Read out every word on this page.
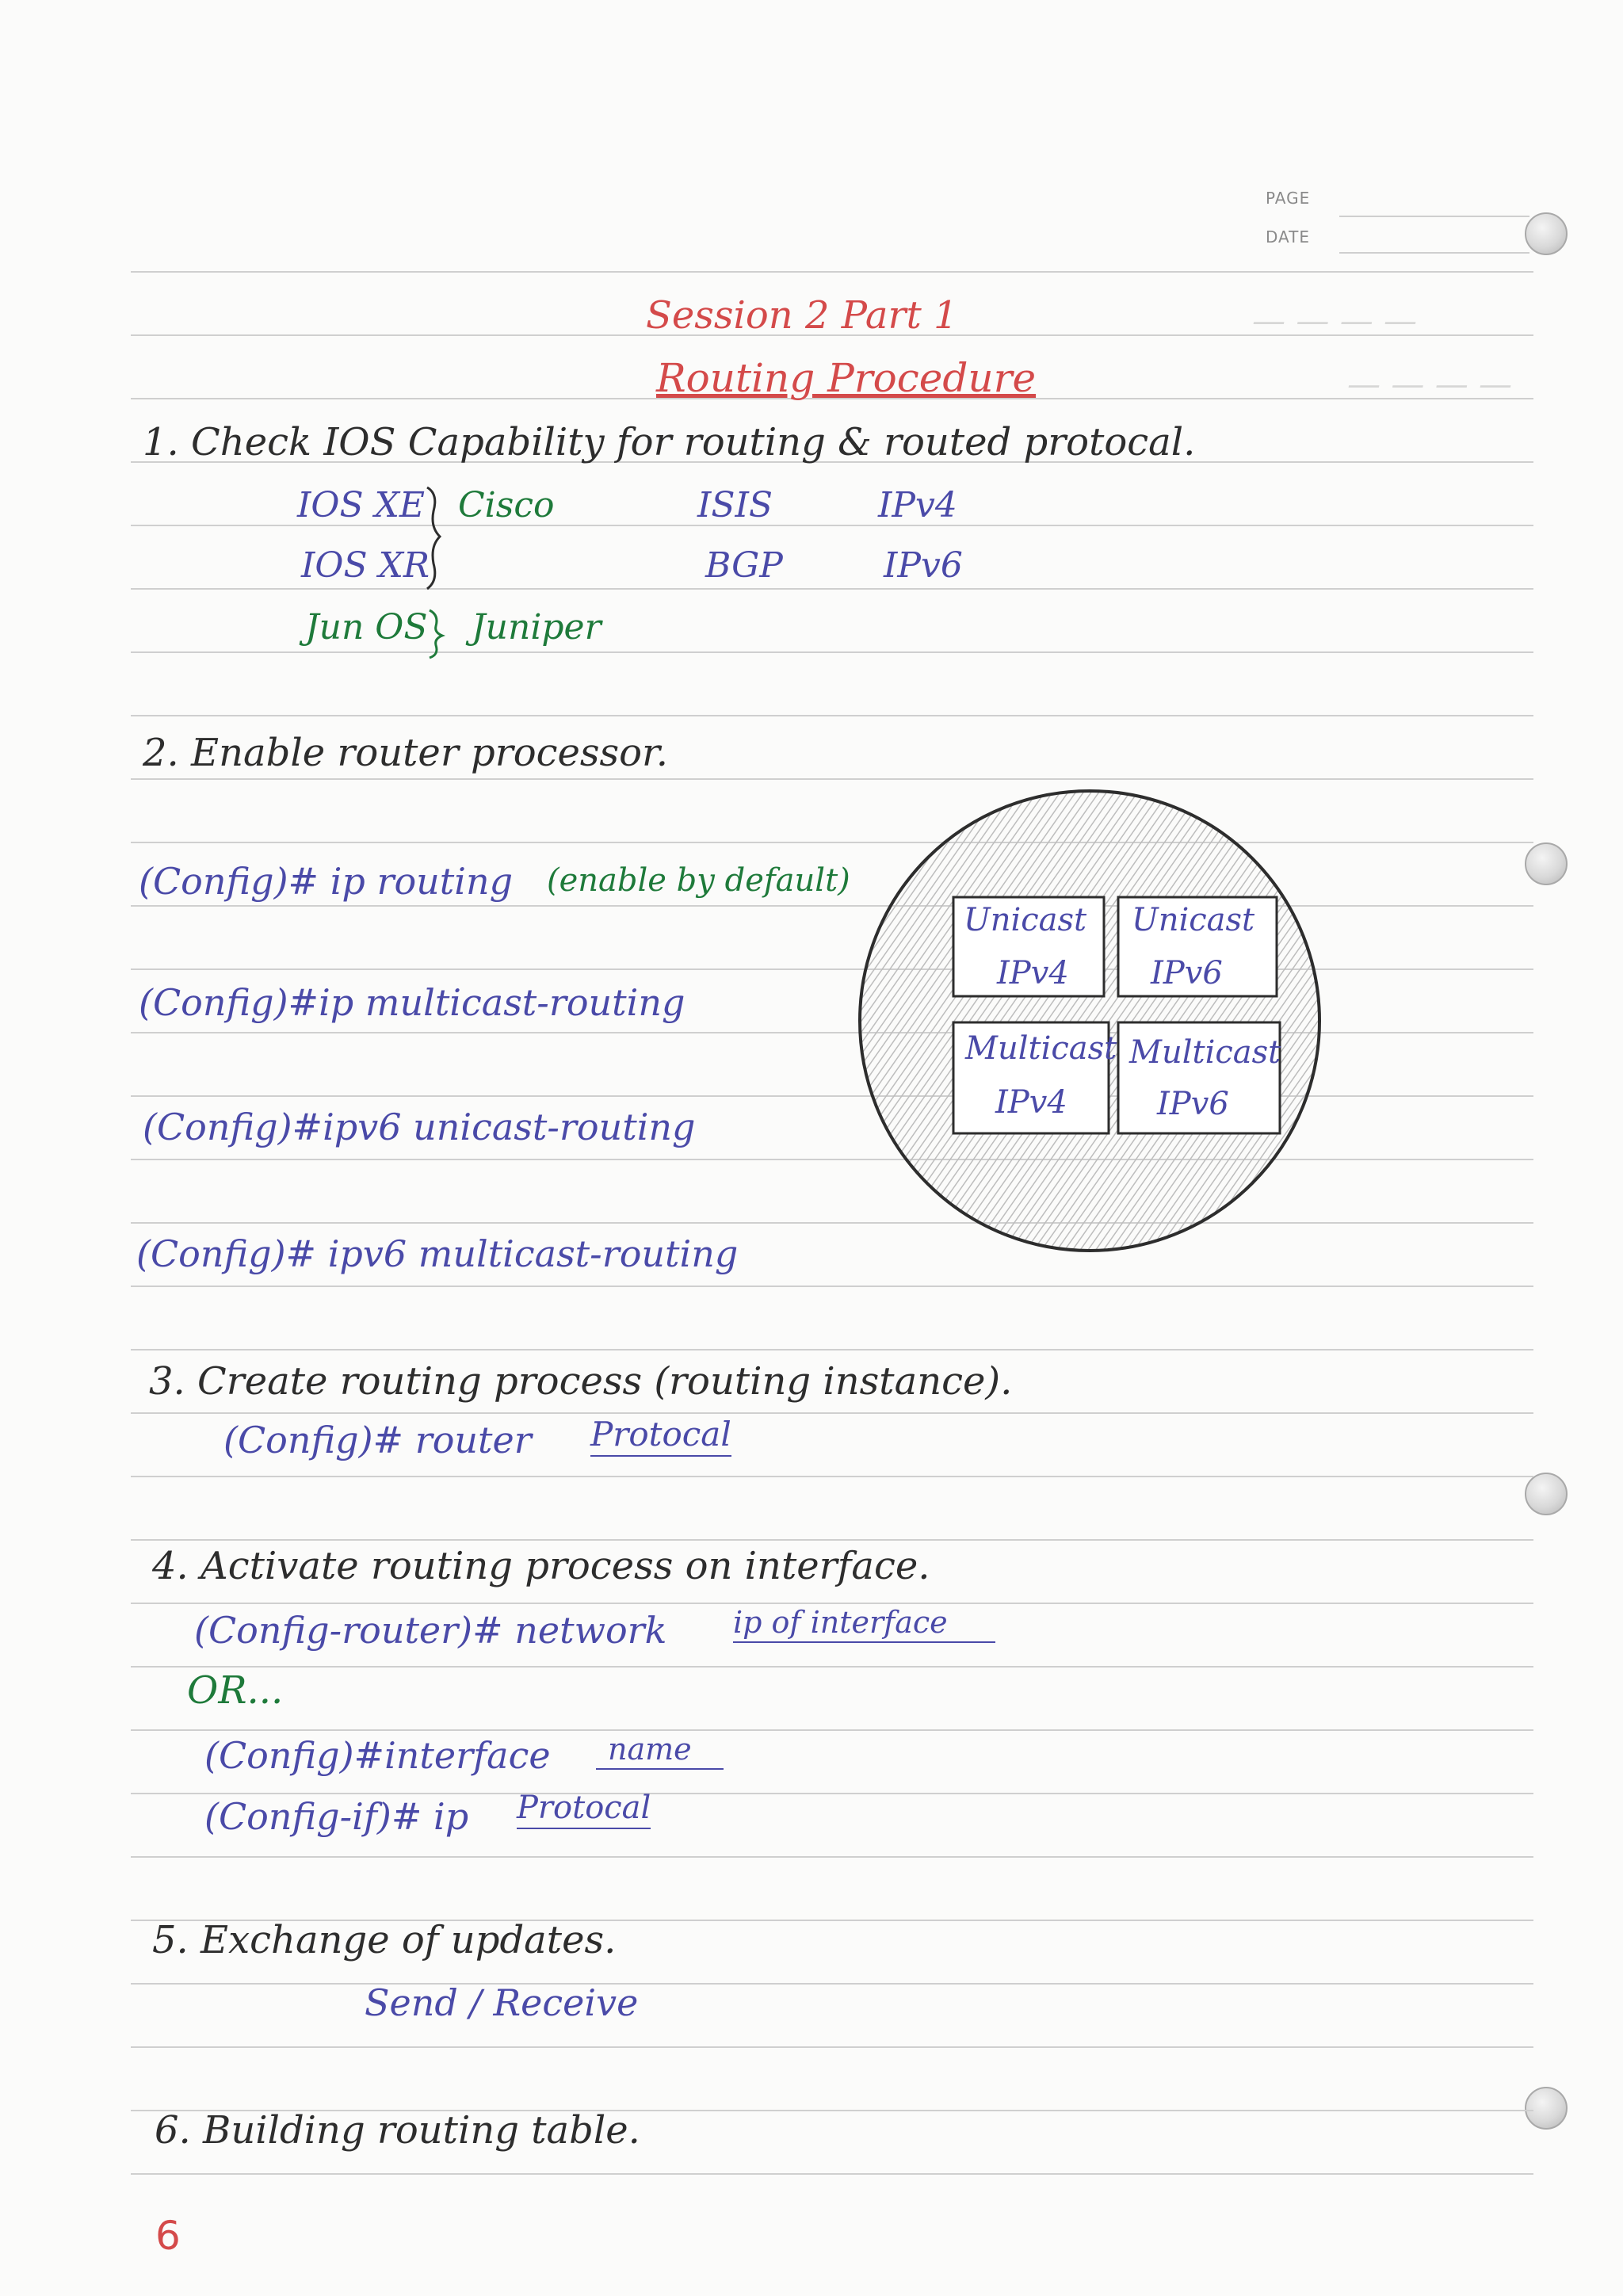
— — — —
— — — —
PAGE
DATE
Session 2 Part 1
Routing Procedure
1. Check IOS Capability for routing & routed protocal.
IOS XE
IOS XR
Cisco
Jun OS Juniper
ISIS
BGP
IPv4
IPv6
2. Enable router processor.
(Config)# ip routing (enable by default)
(Config)#ip multicast-routing
(Config)#ipv6 unicast-routing
(Config)# ipv6 multicast-routing
Unicast
IPv4
Unicast
IPv6
Multicast
IPv4
Multicast
IPv6
3. Create routing process (routing instance).
(Config)# router Protocal
4. Activate routing process on interface.
(Config-router)# network ip of interface
OR...
(Config)#interface	name
(Config-if)# ip Protocal
5. Exchange of updates.
Send / Receive
6. Building routing table.
6
